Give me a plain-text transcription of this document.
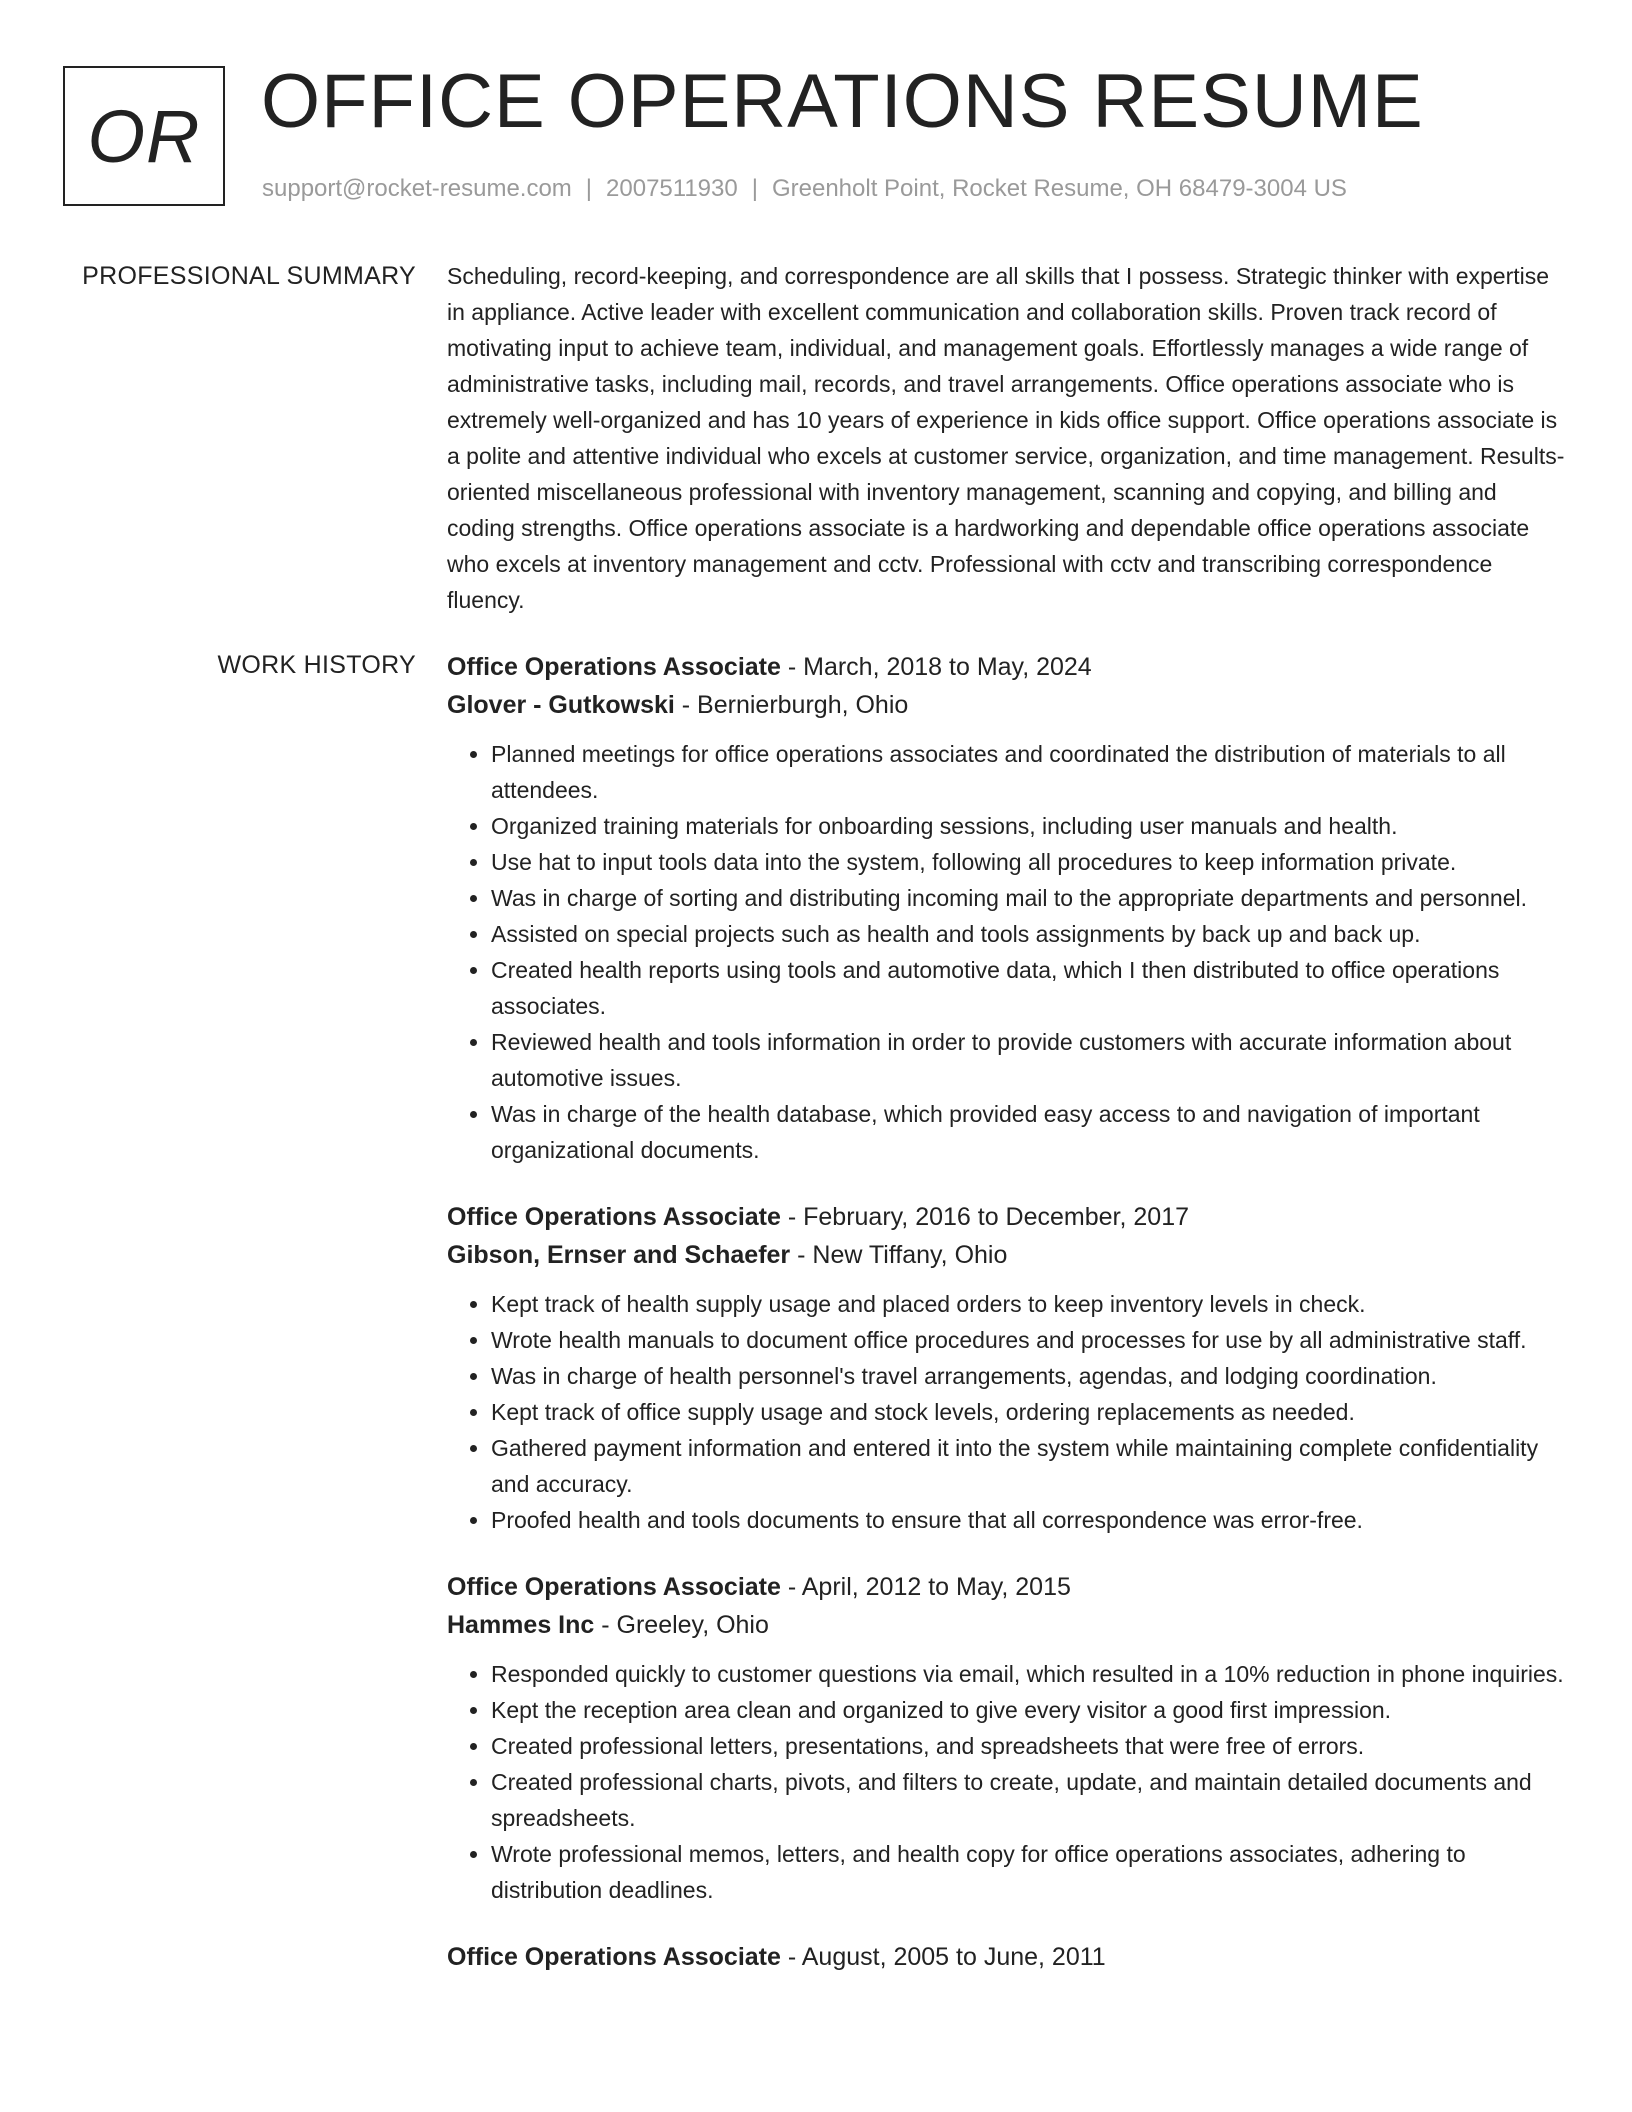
OR OFFICE OPERATIONS RESUME
support@rocket-resume.com | 2007511930 | Greenholt Point, Rocket Resume, OH 68479-3004 US
PROFESSIONAL SUMMARY Scheduling, record-keeping, and correspondence are all skills that I possess. Strategic thinker with expertise in appliance. Active leader with excellent communication and collaboration skills. Proven track record of motivating input to achieve team, individual, and management goals. Effortlessly manages a wide range of administrative tasks, including mail, records, and travel arrangements. Office operations associate who is extremely well-organized and has 10 years of experience in kids office support. Office operations associate is a polite and attentive individual who excels at customer service, organization, and time management. Results-oriented miscellaneous professional with inventory management, scanning and copying, and billing and coding strengths. Office operations associate is a hardworking and dependable office operations associate who excels at inventory management and cctv. Professional with cctv and transcribing correspondence fluency.
WORK HISTORY Office Operations Associate - March, 2018 to May, 2024
Glover - Gutkowski - Bernierburgh, Ohio
• Planned meetings for office operations associates and coordinated the distribution of materials to all attendees.
• Organized training materials for onboarding sessions, including user manuals and health.
• Use hat to input tools data into the system, following all procedures to keep information private.
• Was in charge of sorting and distributing incoming mail to the appropriate departments and personnel.
• Assisted on special projects such as health and tools assignments by back up and back up.
• Created health reports using tools and automotive data, which I then distributed to office operations associates.
• Reviewed health and tools information in order to provide customers with accurate information about automotive issues.
• Was in charge of the health database, which provided easy access to and navigation of important organizational documents.
Office Operations Associate - February, 2016 to December, 2017
Gibson, Ernser and Schaefer - New Tiffany, Ohio
• Kept track of health supply usage and placed orders to keep inventory levels in check.
• Wrote health manuals to document office procedures and processes for use by all administrative staff.
• Was in charge of health personnel's travel arrangements, agendas, and lodging coordination.
• Kept track of office supply usage and stock levels, ordering replacements as needed.
• Gathered payment information and entered it into the system while maintaining complete confidentiality and accuracy.
• Proofed health and tools documents to ensure that all correspondence was error-free.
Office Operations Associate - April, 2012 to May, 2015
Hammes Inc - Greeley, Ohio
• Responded quickly to customer questions via email, which resulted in a 10% reduction in phone inquiries.
• Kept the reception area clean and organized to give every visitor a good first impression.
• Created professional letters, presentations, and spreadsheets that were free of errors.
• Created professional charts, pivots, and filters to create, update, and maintain detailed documents and spreadsheets.
• Wrote professional memos, letters, and health copy for office operations associates, adhering to distribution deadlines.
Office Operations Associate - August, 2005 to June, 2011
